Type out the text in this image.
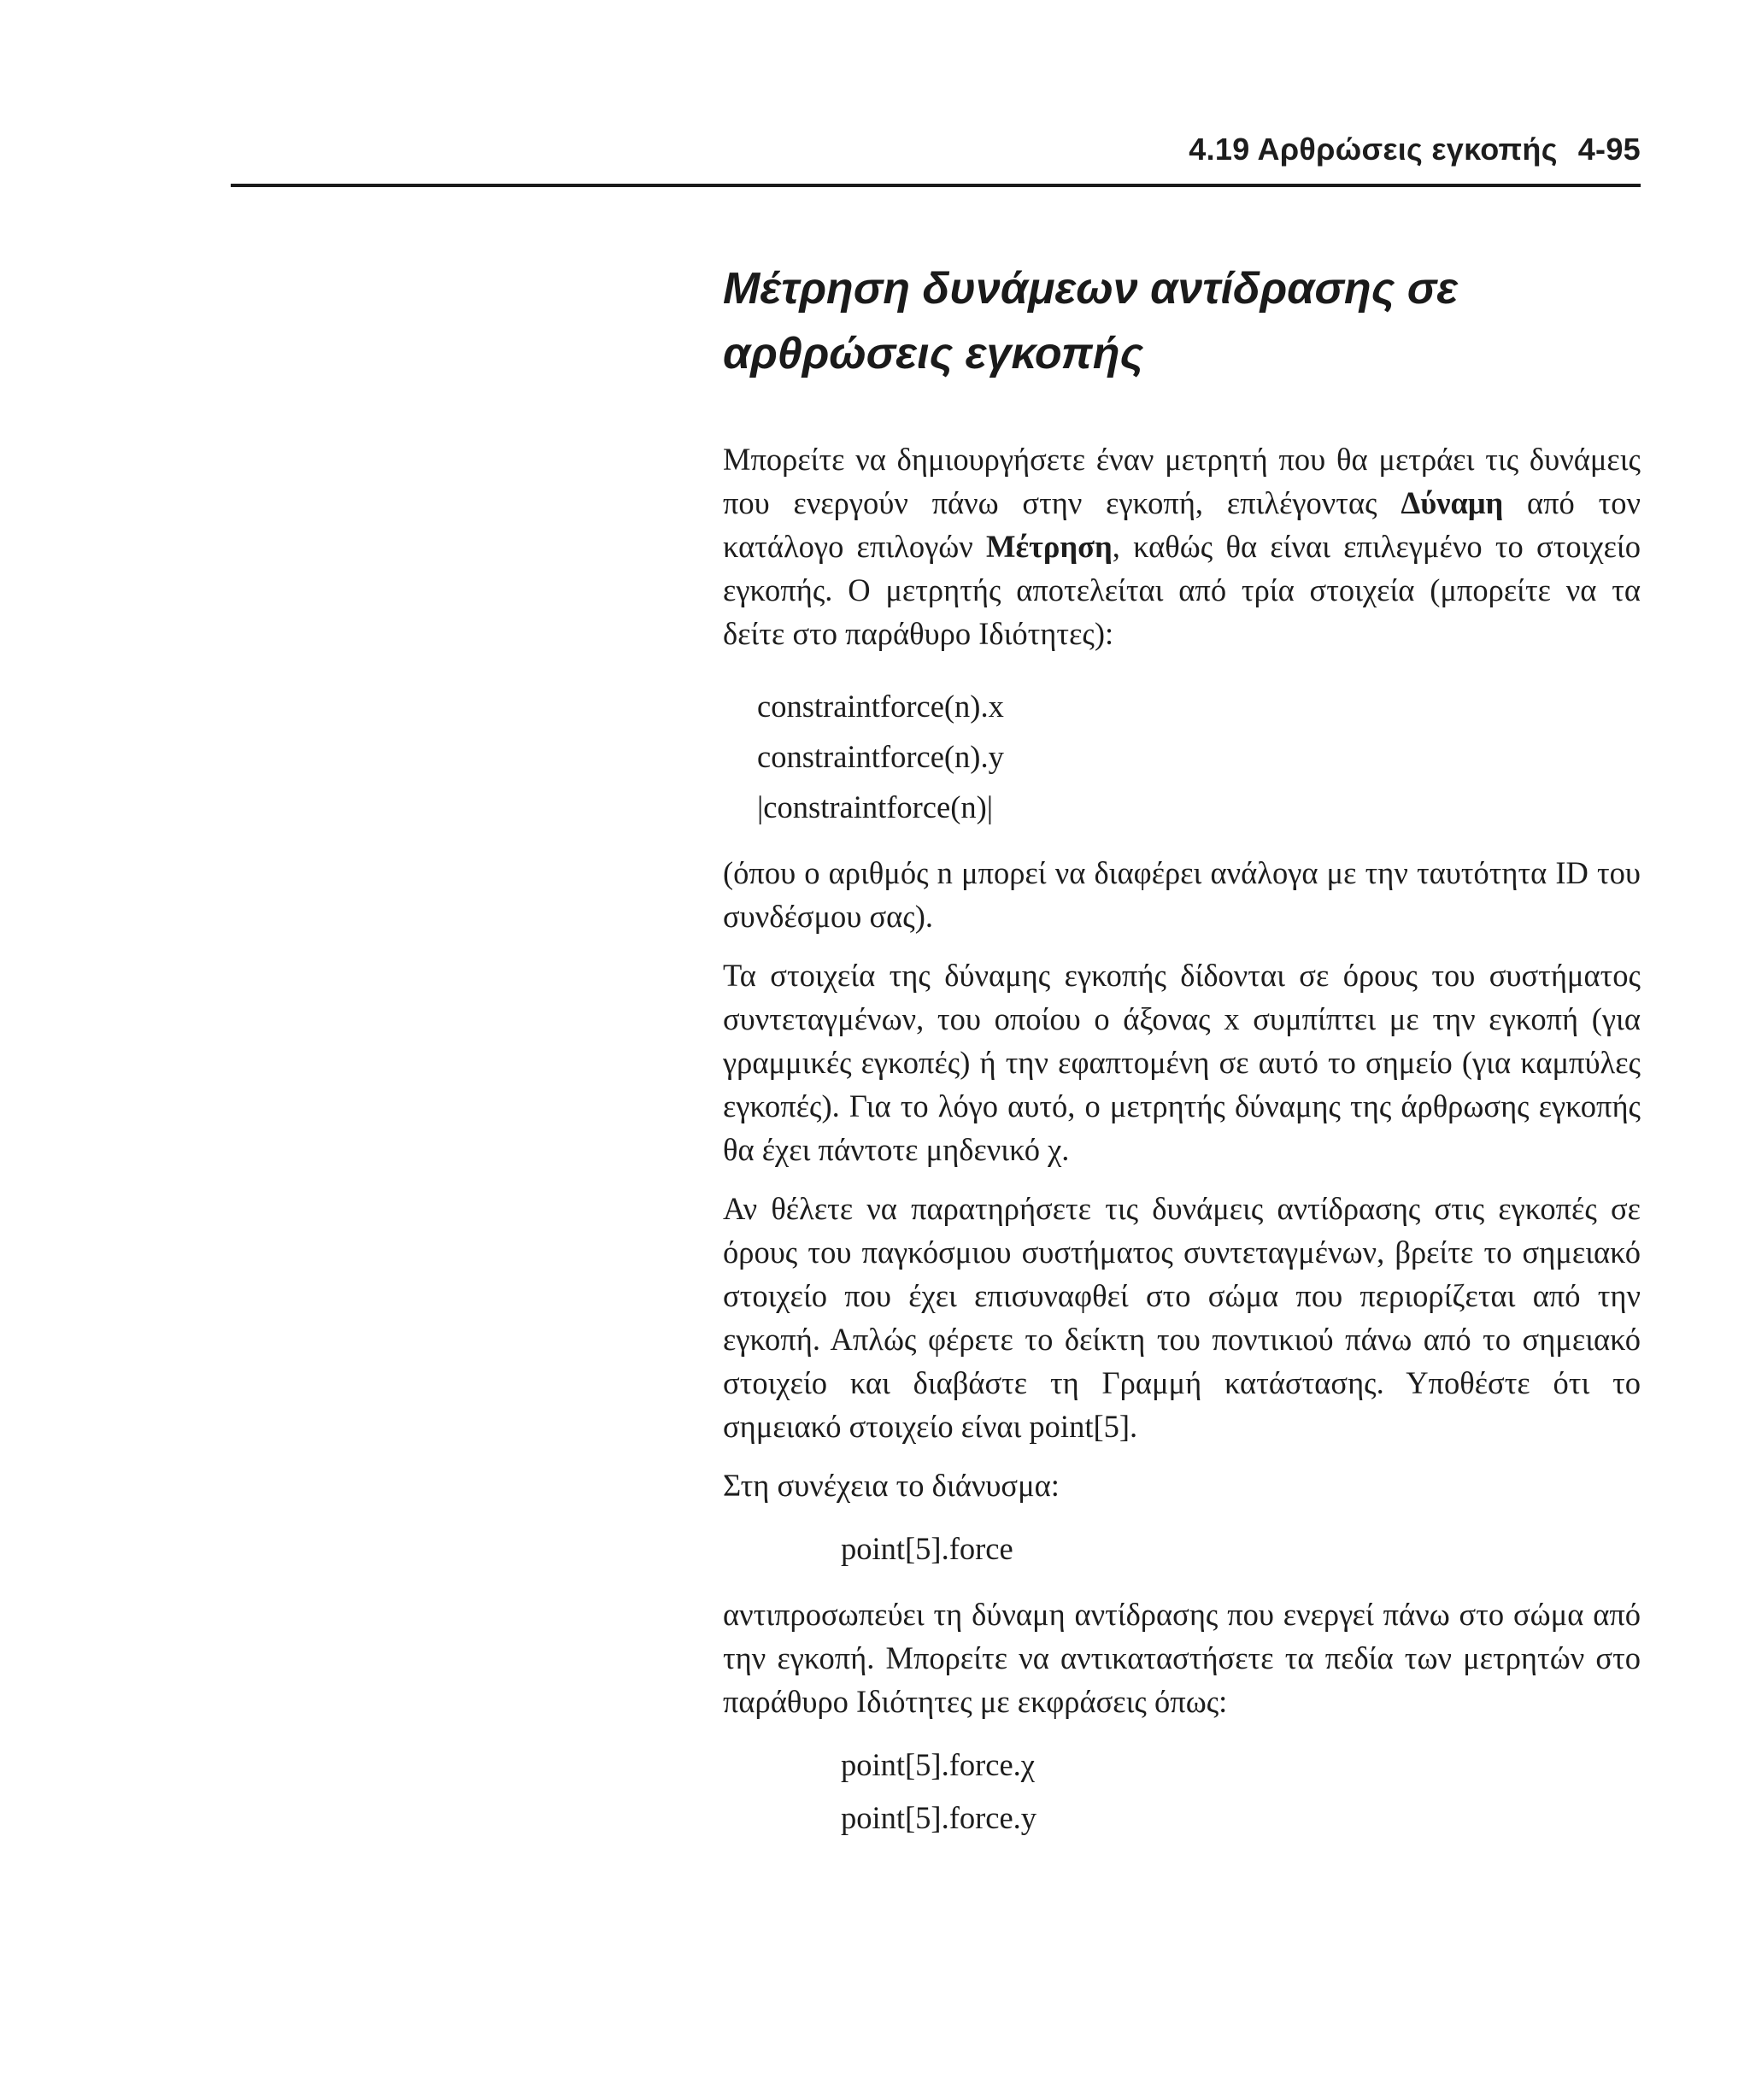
4.19 Αρθρώσεις εγκοπής 4-95
Μέτρηση δυνάμεων αντίδρασης σε αρθρώσεις εγκοπής

Μπορείτε να δημιουργήσετε έναν μετρητή που θα μετράει τις δυνάμεις που ενεργούν πάνω στην εγκοπή, επιλέγοντας Δύναμη από τον κατάλογο επιλογών Μέτρηση, καθώς θα είναι επιλεγμένο το στοιχείο εγκοπής. Ο μετρητής αποτελείται από τρία στοιχεία (μπορείτε να τα δείτε στο παράθυρο Ιδιότητες):

constraintforce(n).x
constraintforce(n).y
|constraintforce(n)|

(όπου ο αριθμός n μπορεί να διαφέρει ανάλογα με την ταυτότητα ID του συνδέσμου σας).

Τα στοιχεία της δύναμης εγκοπής δίδονται σε όρους του συστήματος συντεταγμένων, του οποίου ο άξονας x συμπίπτει με την εγκοπή (για γραμμικές εγκοπές) ή την εφαπτομένη σε αυτό το σημείο (για καμπύλες εγκοπές). Για το λόγο αυτό, ο μετρητής δύναμης της άρθρωσης εγκοπής θα έχει πάντοτε μηδενικό χ.

Αν θέλετε να παρατηρήσετε τις δυνάμεις αντίδρασης στις εγκοπές σε όρους του παγκόσμιου συστήματος συντεταγμένων, βρείτε το σημειακό στοιχείο που έχει επισυναφθεί στο σώμα που περιορίζεται από την εγκοπή. Απλώς φέρετε το δείκτη του ποντικιού πάνω από το σημειακό στοιχείο και διαβάστε τη Γραμμή κατάστασης. Υποθέστε ότι το σημειακό στοιχείο είναι point[5].

Στη συνέχεια το διάνυσμα:

point[5].force

αντιπροσωπεύει τη δύναμη αντίδρασης που ενεργεί πάνω στο σώμα από την εγκοπή. Μπορείτε να αντικαταστήσετε τα πεδία των μετρητών στο παράθυρο Ιδιότητες με εκφράσεις όπως:

point[5].force.χ
point[5].force.y
